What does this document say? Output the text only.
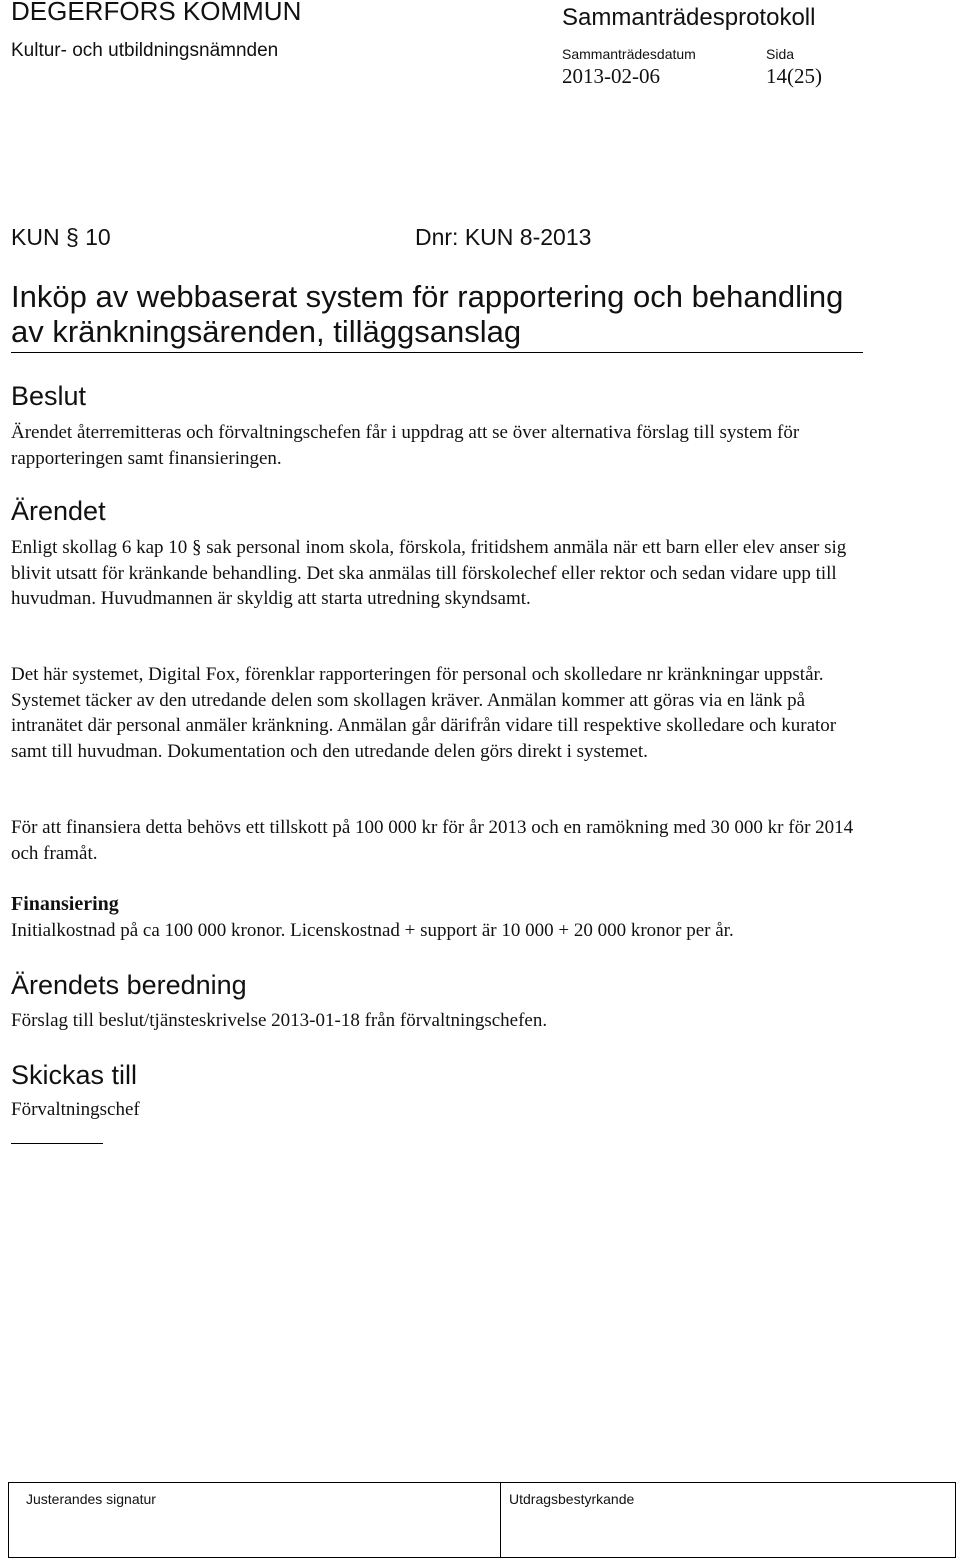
DEGERFORS KOMMUN
Kultur- och utbildningsnämnden
Sammanträdesprotokoll
Sammanträdesdatum	Sida
2013-02-06	14(25)
KUN § 10	Dnr: KUN 8-2013
Inköp av webbaserat system för rapportering och behandling av kränkningsärenden, tilläggsanslag
Beslut

Ärendet återremitteras och förvaltningschefen får i uppdrag att se över alternativa förslag till system för rapporteringen samt finansieringen.

Ärendet

Enligt skollag 6 kap 10 § sak personal inom skola, förskola, fritidshem anmäla när ett barn eller elev anser sig blivit utsatt för kränkande behandling. Det ska anmälas till förskolechef eller rektor och sedan vidare upp till huvudman. Huvudmannen är skyldig att starta utredning skyndsamt.

Det här systemet, Digital Fox, förenklar rapporteringen för personal och skolledare nr kränkningar uppstår. Systemet täcker av den utredande delen som skollagen kräver. Anmälan kommer att göras via en länk på intranätet där personal anmäler kränkning. Anmälan går därifrån vidare till respektive skolledare och kurator samt till huvudman. Dokumentation och den utredande delen görs direkt i systemet.

För att finansiera detta behövs ett tillskott på 100 000 kr för år 2013 och en ramökning med 30 000 kr för 2014 och framåt.

Finansiering

Initialkostnad på ca 100 000 kronor. Licenskostnad + support är 10 000 + 20 000 kronor per år.

Ärendets beredning

Förslag till beslut/tjänsteskrivelse 2013-01-18 från förvaltningschefen.

Skickas till

Förvaltningschef

Justerandes signatur	Utdragsbestyrkande
